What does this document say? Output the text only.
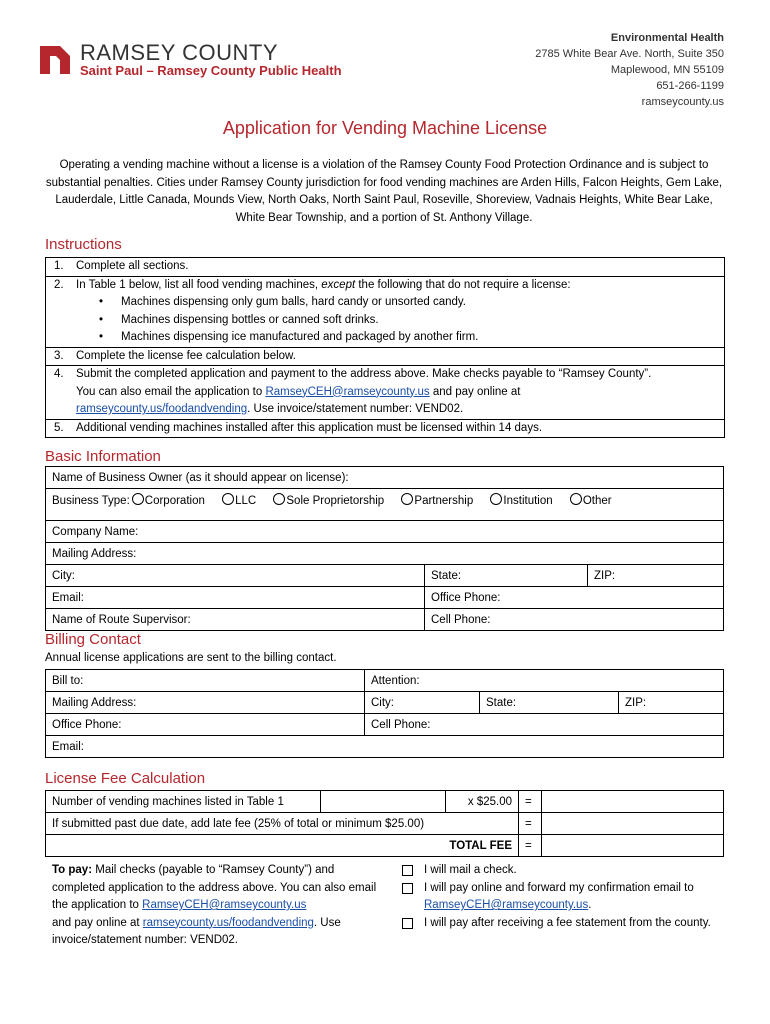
RAMSEY COUNTY
Saint Paul – Ramsey County Public Health
Environmental Health
2785 White Bear Ave. North, Suite 350
Maplewood, MN 55109
651-266-1199
ramseycounty.us
Application for Vending Machine License
Operating a vending machine without a license is a violation of the Ramsey County Food Protection Ordinance and is subject to substantial penalties. Cities under Ramsey County jurisdiction for food vending machines are Arden Hills, Falcon Heights, Gem Lake, Lauderdale, Little Canada, Mounds View, North Oaks, North Saint Paul, Roseville, Shoreview, Vadnais Heights, White Bear Lake, White Bear Township, and a portion of St. Anthony Village.
Instructions
1. Complete all sections.
2. In Table 1 below, list all food vending machines, except the following that do not require a license:
• Machines dispensing only gum balls, hard candy or unsorted candy.
• Machines dispensing bottles or canned soft drinks.
• Machines dispensing ice manufactured and packaged by another firm.
3. Complete the license fee calculation below.
4. Submit the completed application and payment to the address above. Make checks payable to “Ramsey County”.
You can also email the application to RamseyCEH@ramseycounty.us and pay online at
ramseycounty.us/foodandvending. Use invoice/statement number: VEND02.
5. Additional vending machines installed after this application must be licensed within 14 days.
Basic Information
Name of Business Owner (as it should appear on license):		
Business Type: Corporation LLC Sole Proprietorship Partnership Institution Other		

Company Name:		
Mailing Address:		
City:	State:	ZIP:
Email:	Office Phone:	
Name of Route Supervisor:	Cell Phone:	
Billing Contact
Annual license applications are sent to the billing contact.
Bill to:	Attention:		
Mailing Address:	City:	State:	ZIP:
Office Phone:	Cell Phone:		
Email:			
License Fee Calculation
Number of vending machines listed in Table 1		x $25.00	=	
If submitted past due date, add late fee (25% of total or minimum $25.00)			=	
TOTAL FEE			=	
To pay: Mail checks (payable to “Ramsey County”) and completed application to the address above. You can also email the application to RamseyCEH@ramseycounty.us
and pay online at ramseycounty.us/foodandvending. Use invoice/statement number: VEND02.
I will mail a check.
I will pay online and forward my confirmation email to RamseyCEH@ramseycounty.us.
I will pay after receiving a fee statement from the county.
